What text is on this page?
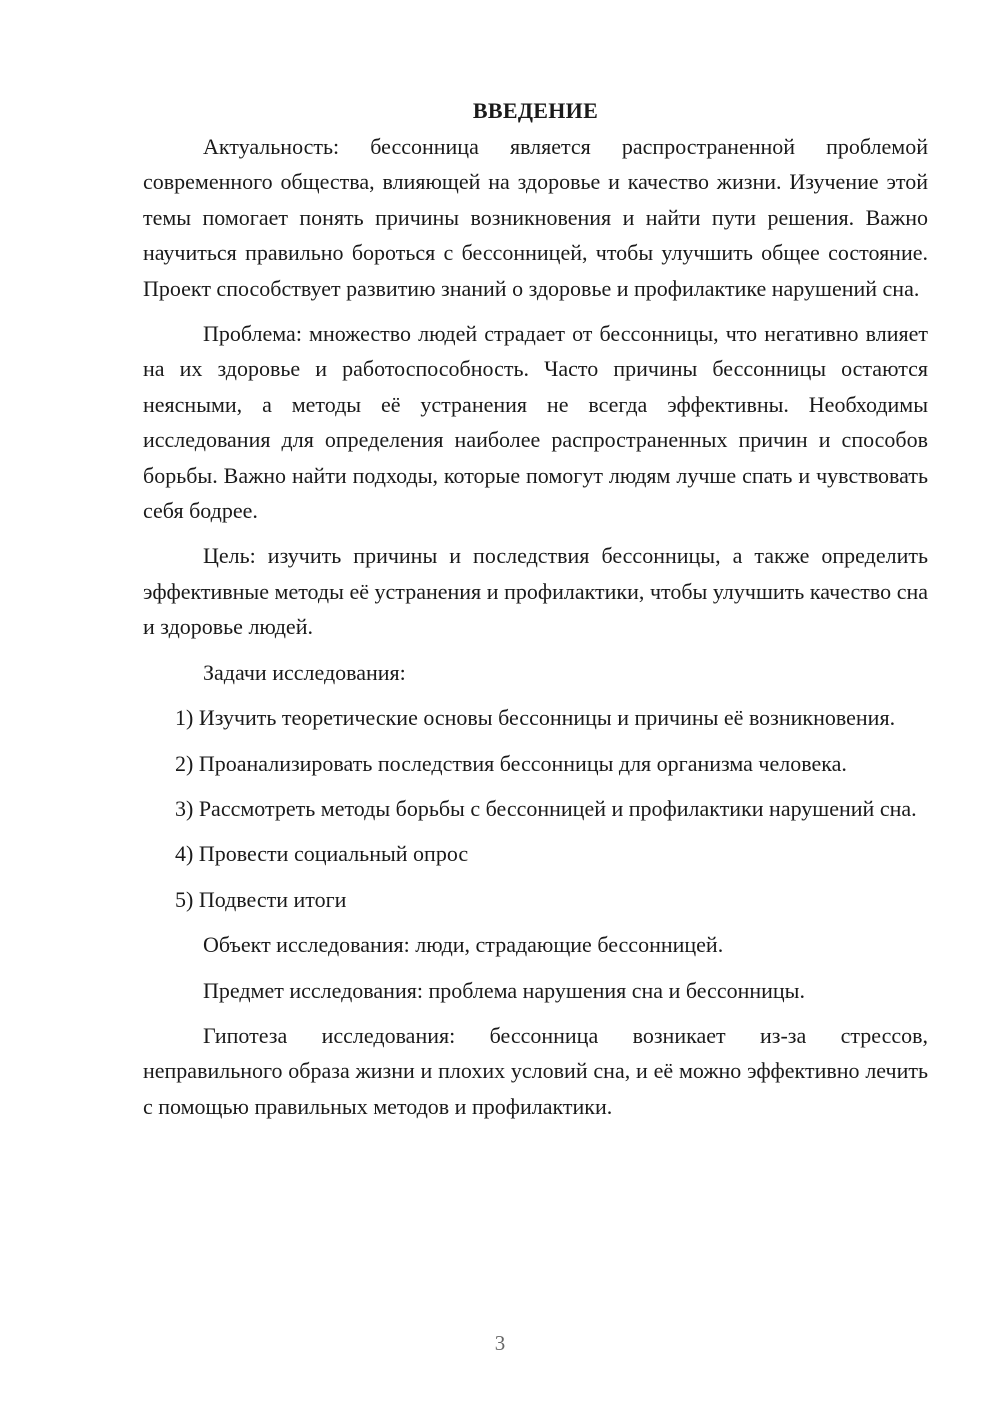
ВВЕДЕНИЕ

Актуальность: бессонница является распространенной проблемой современного общества, влияющей на здоровье и качество жизни. Изучение этой темы помогает понять причины возникновения и найти пути решения. Важно научиться правильно бороться с бессонницей, чтобы улучшить общее состояние. Проект способствует развитию знаний о здоровье и профилактике нарушений сна.

Проблема: множество людей страдает от бессонницы, что негативно влияет на их здоровье и работоспособность. Часто причины бессонницы остаются неясными, а методы её устранения не всегда эффективны. Необходимы исследования для определения наиболее распространенных причин и способов борьбы. Важно найти подходы, которые помогут людям лучше спать и чувствовать себя бодрее.

Цель: изучить причины и последствия бессонницы, а также определить эффективные методы её устранения и профилактики, чтобы улучшить качество сна и здоровье людей.

Задачи исследования:

1) Изучить теоретические основы бессонницы и причины её возникновения.

2) Проанализировать последствия бессонницы для организма человека.

3) Рассмотреть методы борьбы с бессонницей и профилактики нарушений сна.

4) Провести социальный опрос

5) Подвести итоги

Объект исследования: люди, страдающие бессонницей.

Предмет исследования: проблема нарушения сна и бессонницы.

Гипотеза исследования: бессонница возникает из-за стрессов, неправильного образа жизни и плохих условий сна, и её можно эффективно лечить с помощью правильных методов и профилактики.

3
